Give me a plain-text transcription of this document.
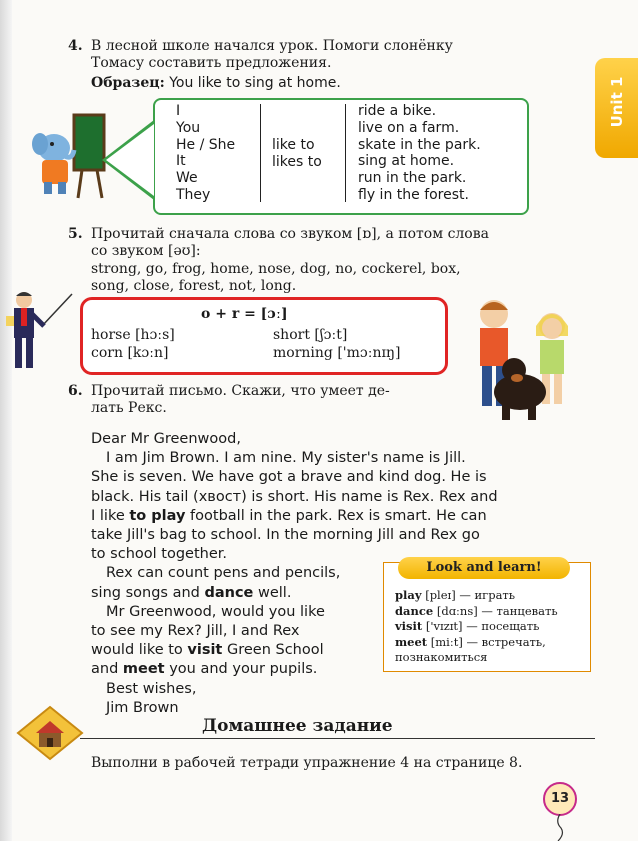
Unit 1
4. В лесной школе начался урок. Помоги слонёнку
Томасу составить предложения.
Образец: You like to sing at home.
I
You
He / She
It
We
They
like to
likes to
ride a bike.
live on a farm.
skate in the park.
sing at home.
run in the park.
fly in the forest.
5. Прочитай сначала слова со звуком [ɒ], а потом слова
со звуком [əʊ]:
strong, go, frog, home, nose, dog, no, cockerel, box,
song, close, forest, not, long.
o + r = [ɔː]
horse [hɔːs]	short [ʃɔːt]
corn [kɔːn]	morning ['mɔːnɪŋ]
6. Прочитай письмо. Скажи, что умеет де-
лать Рекс.
Dear Mr Greenwood,
I am Jim Brown. I am nine. My sister's name is Jill.
She is seven. We have got a brave and kind dog. He is
black. His tail (хвост) is short. His name is Rex. Rex and
I like to play football in the park. Rex is smart. He can
take Jill's bag to school. In the morning Jill and Rex go
to school together.
Rex can count pens and pencils,
sing songs and dance well.
Mr Greenwood, would you like
to see my Rex? Jill, I and Rex
would like to visit Green School
and meet you and your pupils.
Best wishes,
Jim Brown
Look and learn!
play [pleɪ] — играть
dance [dɑːns] — танцевать
visit ['vɪzɪt] — посещать
meet [miːt] — встречать,
познакомиться
Домашнее задание
Выполни в рабочей тетради упражнение 4 на странице 8.
13
